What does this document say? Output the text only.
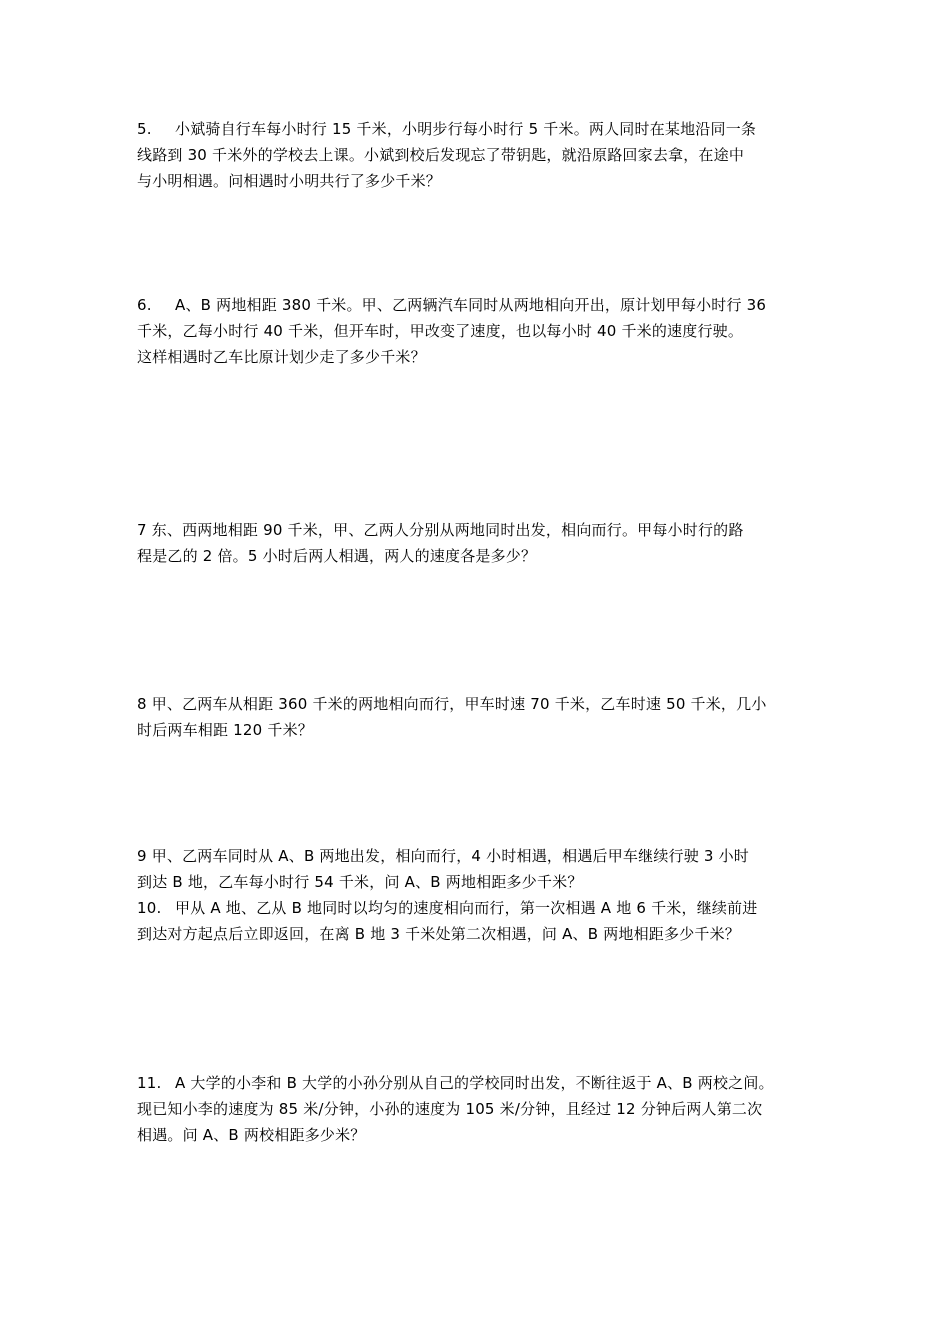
5. 小斌骑自行车每小时行 15 千米，小明步行每小时行 5 千米。两人同时在某地沿同一条
线路到 30 千米外的学校去上课。小斌到校后发现忘了带钥匙，就沿原路回家去拿，在途中
与小明相遇。问相遇时小明共行了多少千米？
6. A、B 两地相距 380 千米。甲、乙两辆汽车同时从两地相向开出，原计划甲每小时行 36
千米，乙每小时行 40 千米，但开车时，甲改变了速度，也以每小时 40 千米的速度行驶。
这样相遇时乙车比原计划少走了多少千米？
7 东、西两地相距 90 千米，甲、乙两人分别从两地同时出发，相向而行。甲每小时行的路
程是乙的 2 倍。5 小时后两人相遇，两人的速度各是多少？
8 甲、乙两车从相距 360 千米的两地相向而行，甲车时速 70 千米，乙车时速 50 千米，几小
时后两车相距 120 千米？
9 甲、乙两车同时从 A、B 两地出发，相向而行，4 小时相遇，相遇后甲车继续行驶 3 小时
到达 B 地，乙车每小时行 54 千米，问 A、B 两地相距多少千米？
10. 甲从 A 地、乙从 B 地同时以均匀的速度相向而行，第一次相遇 A 地 6 千米，继续前进
到达对方起点后立即返回，在离 B 地 3 千米处第二次相遇，问 A、B 两地相距多少千米？
11. A 大学的小李和 B 大学的小孙分别从自己的学校同时出发，不断往返于 A、B 两校之间。
现已知小李的速度为 85 米/分钟，小孙的速度为 105 米/分钟，且经过 12 分钟后两人第二次
相遇。问 A、B 两校相距多少米？
